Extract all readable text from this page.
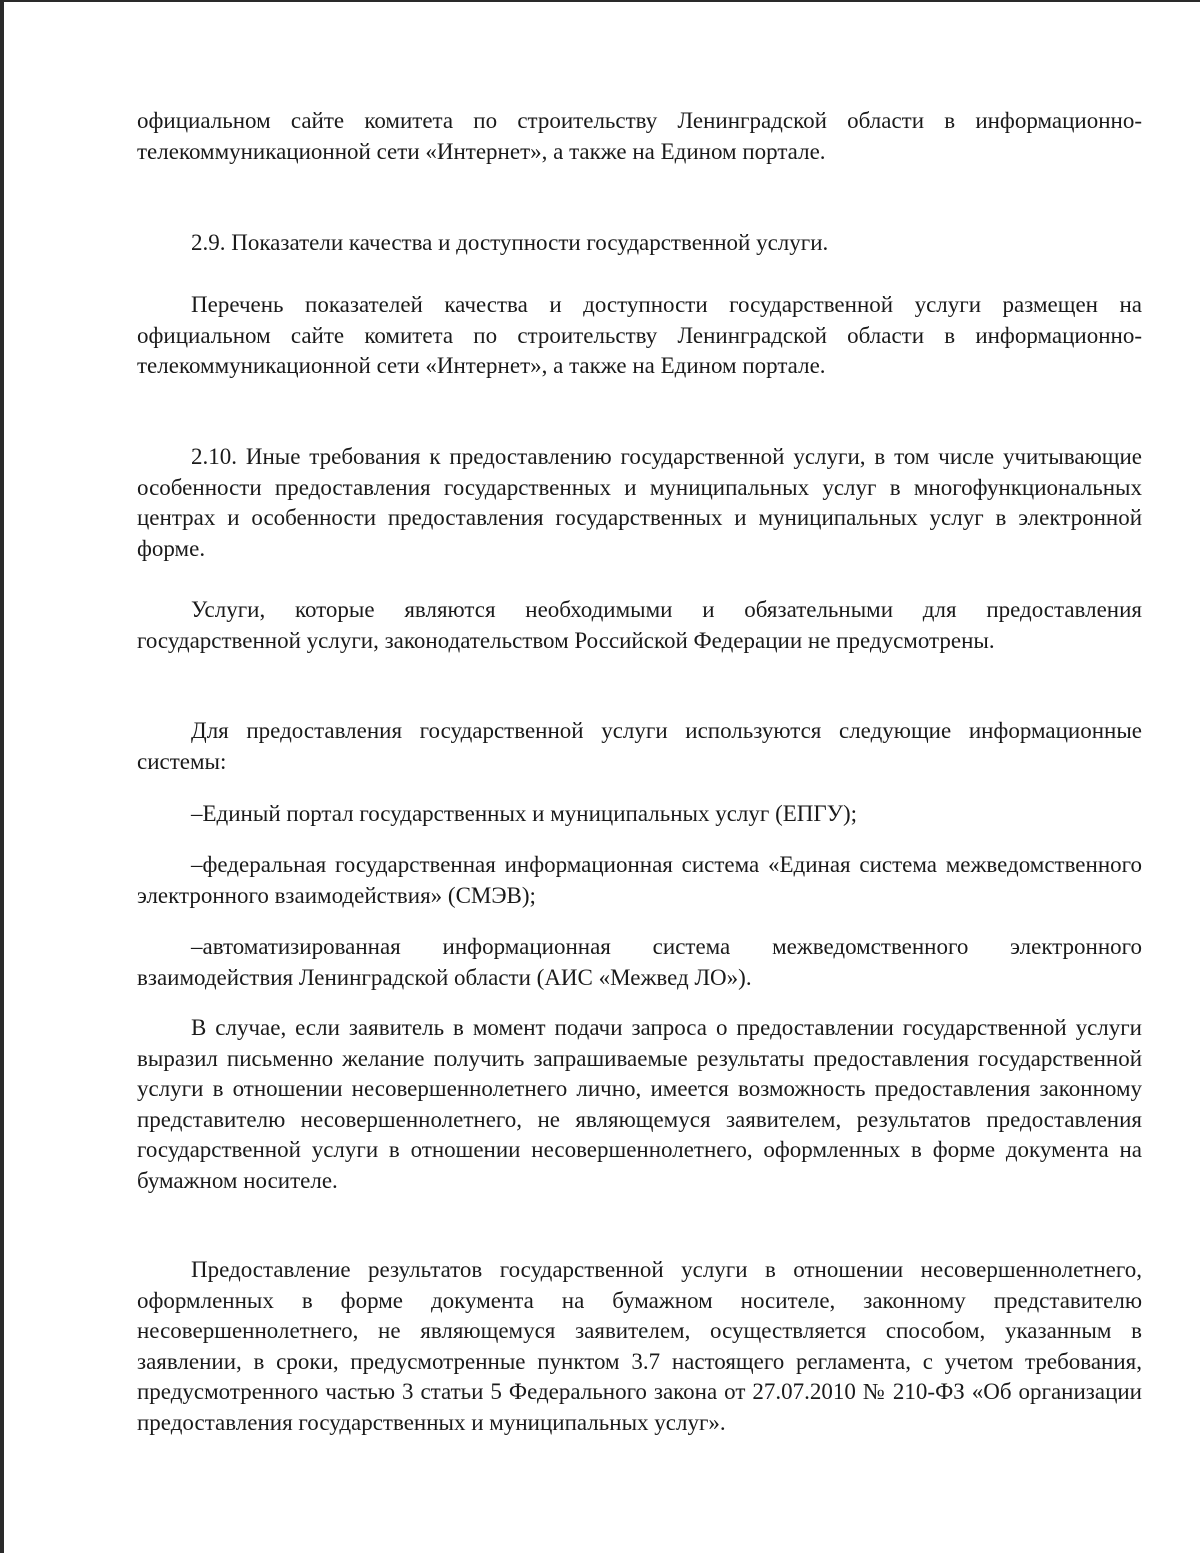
официальном сайте комитета по строительству Ленинградской области в информационно-телекоммуникационной сети «Интернет», а также на Едином портале.

2.9. Показатели качества и доступности государственной услуги.

Перечень показателей качества и доступности государственной услуги размещен на официальном сайте комитета по строительству Ленинградской области в информационно-телекоммуникационной сети «Интернет», а также на Едином портале.

2.10. Иные требования к предоставлению государственной услуги, в том числе учитывающие особенности предоставления государственных и муниципальных услуг в многофункциональных центрах и особенности предоставления государственных и муниципальных услуг в электронной форме.

Услуги, которые являются необходимыми и обязательными для предоставления государственной услуги, законодательством Российской Федерации не предусмотрены.

Для предоставления государственной услуги используются следующие информационные системы:

–Единый портал государственных и муниципальных услуг (ЕПГУ);

–федеральная государственная информационная система «Единая система межведомственного электронного взаимодействия» (СМЭВ);

–автоматизированная информационная система межведомственного электронного взаимодействия Ленинградской области (АИС «Межвед ЛО»).

В случае, если заявитель в момент подачи запроса о предоставлении государственной услуги выразил письменно желание получить запрашиваемые результаты предоставления государственной услуги в отношении несовершеннолетнего лично, имеется возможность предоставления законному представителю несовершеннолетнего, не являющемуся заявителем, результатов предоставления государственной услуги в отношении несовершеннолетнего, оформленных в форме документа на бумажном носителе.

Предоставление результатов государственной услуги в отношении несовершеннолетнего, оформленных в форме документа на бумажном носителе, законному представителю несовершеннолетнего, не являющемуся заявителем, осуществляется способом, указанным в заявлении, в сроки, предусмотренные пунктом 3.7 настоящего регламента, с учетом требования, предусмотренного частью 3 статьи 5 Федерального закона от 27.07.2010 № 210-ФЗ «Об организации предоставления государственных и муниципальных услуг».
